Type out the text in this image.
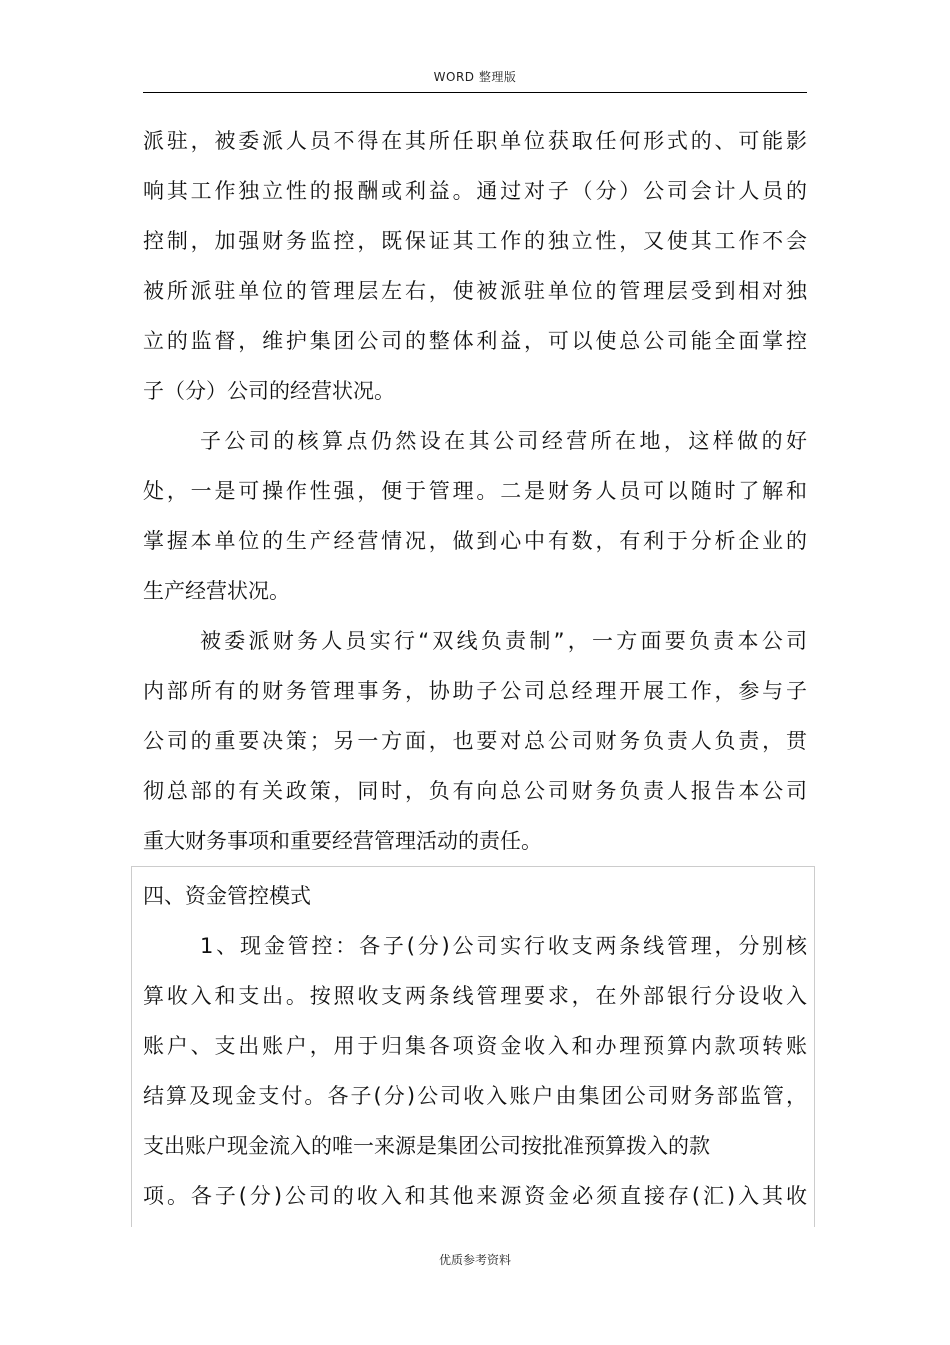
WORD 整理版
派驻，被委派人员不得在其所任职单位获取任何形式的、可能影
响其工作独立性的报酬或利益。通过对子（分）公司会计人员的
控制，加强财务监控，既保证其工作的独立性，又使其工作不会
被所派驻单位的管理层左右，使被派驻单位的管理层受到相对独
立的监督，维护集团公司的整体利益，可以使总公司能全面掌控
子（分）公司的经营状况。
子公司的核算点仍然设在其公司经营所在地，这样做的好
处，一是可操作性强，便于管理。二是财务人员可以随时了解和
掌握本单位的生产经营情况，做到心中有数，有利于分析企业的
生产经营状况。
被委派财务人员实行“双线负责制”，一方面要负责本公司
内部所有的财务管理事务，协助子公司总经理开展工作，参与子
公司的重要决策；另一方面，也要对总公司财务负责人负责，贯
彻总部的有关政策，同时，负有向总公司财务负责人报告本公司
重大财务事项和重要经营管理活动的责任。
四、资金管控模式
1、现金管控：各子(分)公司实行收支两条线管理，分别核
算收入和支出。按照收支两条线管理要求，在外部银行分设收入
账户、支出账户，用于归集各项资金收入和办理预算内款项转账
结算及现金支付。各子(分)公司收入账户由集团公司财务部监管，
支出账户现金流入的唯一来源是集团公司按批准预算拨入的款
项。各子(分)公司的收入和其他来源资金必须直接存(汇)入其收
优质参考资料
